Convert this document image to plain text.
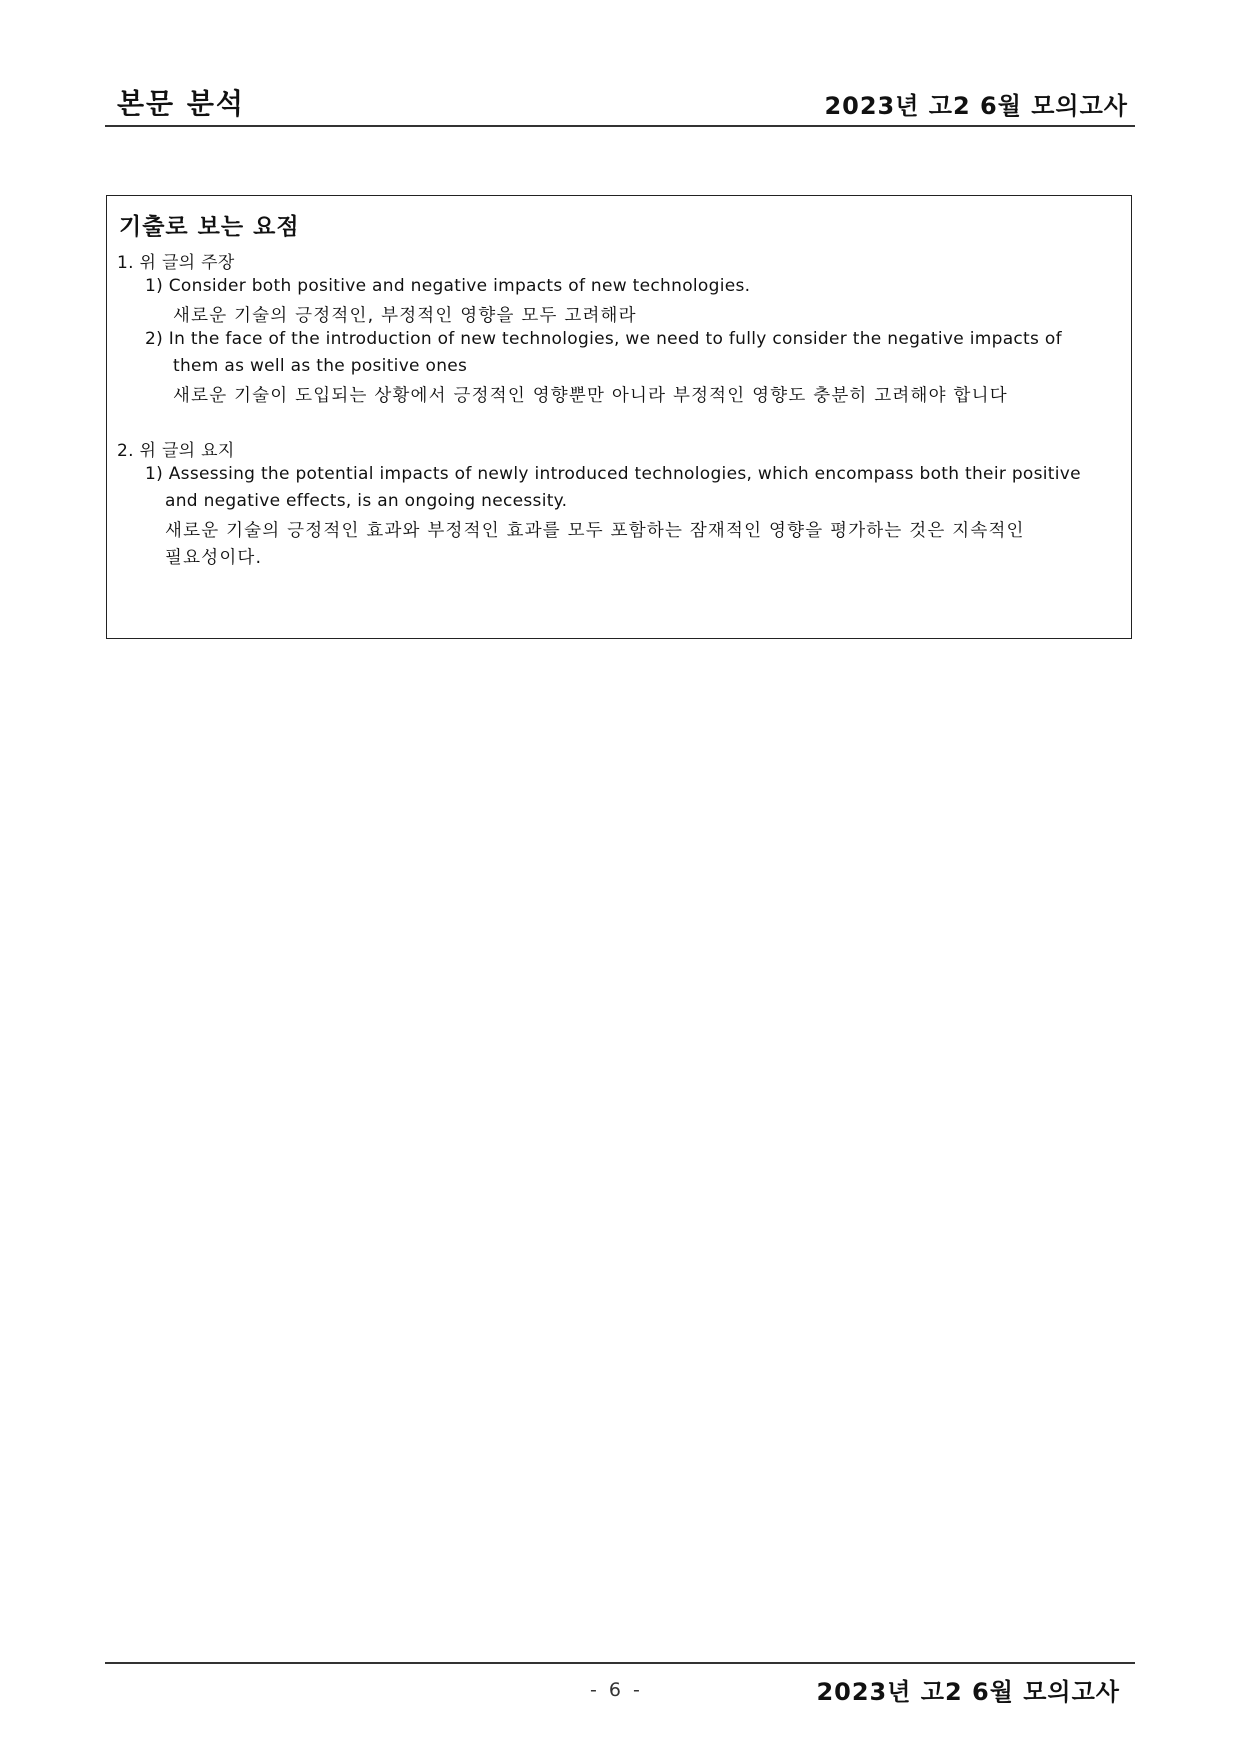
본문 분석	2023년 고2 6월 모의고사
기출로 보는 요점
1. 위 글의 주장
1) Consider both positive and negative impacts of new technologies.
새로운 기술의 긍정적인, 부정적인 영향을 모두 고려해라
2) In the face of the introduction of new technologies, we need to fully consider the negative impacts of
them as well as the positive ones
새로운 기술이 도입되는 상황에서 긍정적인 영향뿐만 아니라 부정적인 영향도 충분히 고려해야 합니다
2. 위 글의 요지
1) Assessing the potential impacts of newly introduced technologies, which encompass both their positive
and negative effects, is an ongoing necessity.
새로운 기술의 긍정적인 효과와 부정적인 효과를 모두 포함하는 잠재적인 영향을 평가하는 것은 지속적인
필요성이다.
- 6 -	2023년 고2 6월 모의고사
